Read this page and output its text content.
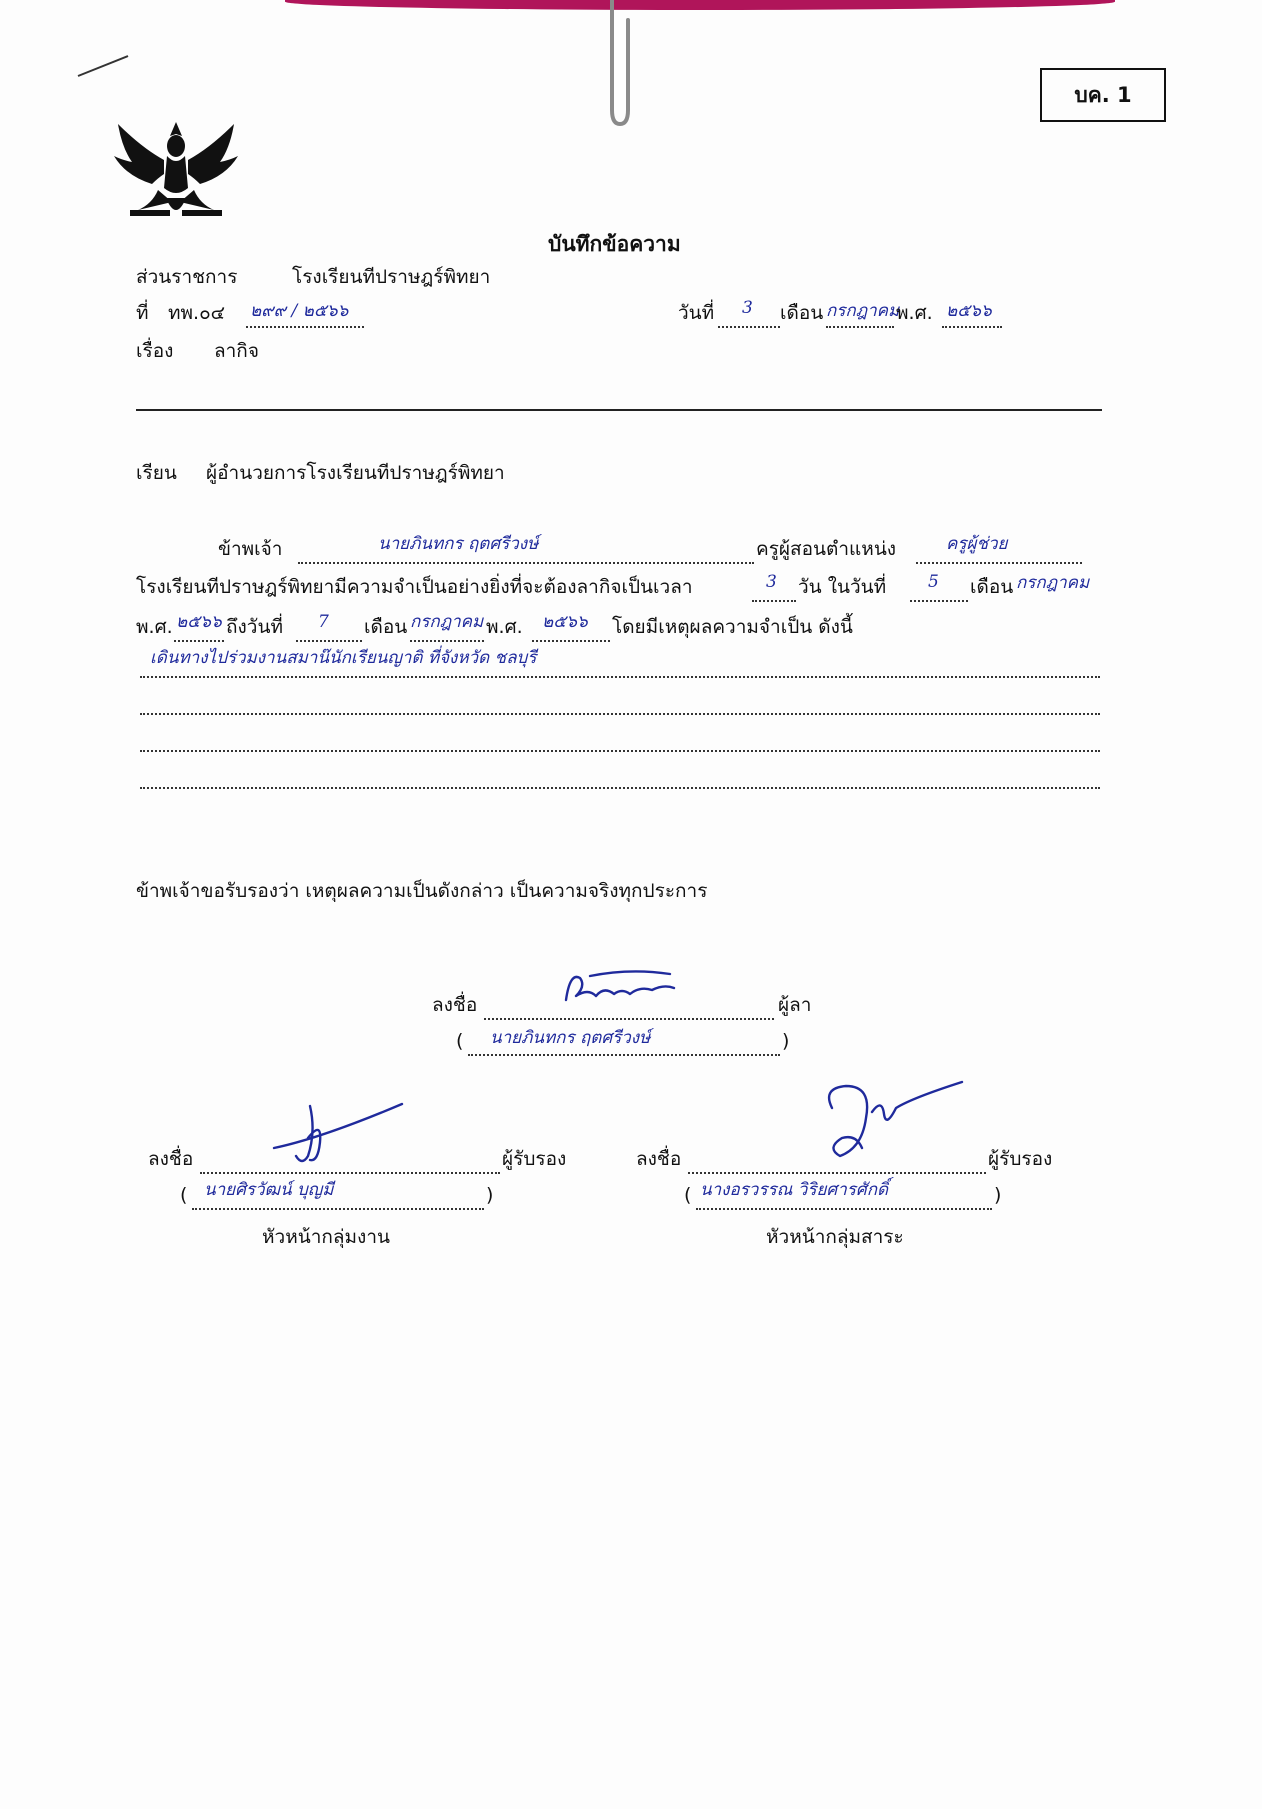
บค. 1
บันทึกข้อความ
ส่วนราชการ	โรงเรียนทีปราษฎร์พิทยา
ที่ ทพ.๐๔ ๒๙๙ / ๒๕๖๖	วันที่ 3 เดือน กรกฎาคม
พ.ศ. ๒๕๖๖
เรื่อง ลากิจ
เรียน ผู้อำนวยการโรงเรียนทีปราษฎร์พิทยา
ข้าพเจ้า	นายภินทกร ฤตศรีวงษ์	ครูผู้สอนตำแหน่ง	ครูผู้ช่วย
โรงเรียนทีปราษฎร์พิทยามีความจำเป็นอย่างยิ่งที่จะต้องลากิจเป็นเวลา	3 วัน ในวันที่ 5 เดือน กรกฎาคม
พ.ศ. ๒๕๖๖ ถึงวันที่ 7 เดือน กรกฎาคม พ.ศ. ๒๕๖๖ โดยมีเหตุผลความจำเป็น ดังนี้
เดินทางไปร่วมงานสมาน๊นักเรียนญาติ ที่จังหวัด ชลบุรี
ข้าพเจ้าขอรับรองว่า เหตุผลความเป็นดังกล่าว เป็นความจริงทุกประการ
ลงชื่อ	ผู้ลา
( นายภินทกร ฤตศรีวงษ์	)
ลงชื่อ	ผู้รับรอง
( นายศิรวัฒน์ บุญมี	)
หัวหน้ากลุ่มงาน
ลงชื่อ	ผู้รับรอง
( นางอรวรรณ วิริยศารศักดิ์	)
หัวหน้ากลุ่มสาระ
